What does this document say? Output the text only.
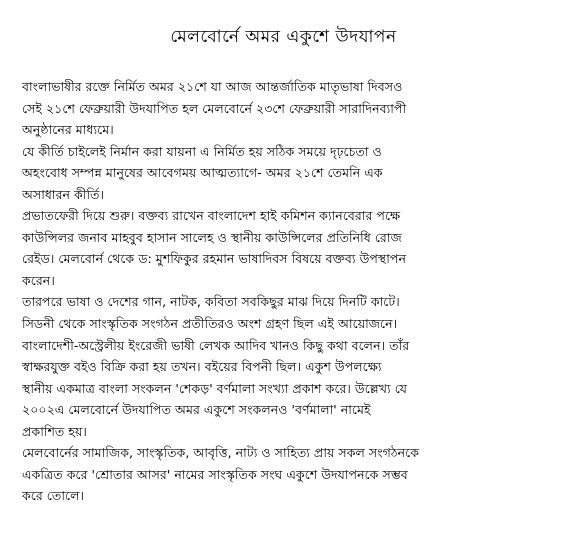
মেলবোর্নে অমর একুশে উদযাপন
বাংলাভাষীর রক্তে নির্মিত অমর ২১শে যা আজ আন্তর্জাতিক মাতৃভাষা দিবসও
সেই ২১শে ফেব্রুয়ারী উদযাপিত হল মেলবোর্নে ২৩শে ফেব্রুয়ারী সারাদিনব্যাপী
অনুষ্ঠানের মাধ্যমে।
যে কীর্তি চাইলেই নির্মান করা যায়না এ নির্মিত হয় সঠিক সময়ে দৃঢ়চেতা ও
অহংবোধ সম্পন্ন মানুষের আবেগময় আত্মত্যাগে- অমর ২১শে তেমনি এক
অসাধারন কীর্তি।
প্রভাতফেরী দিয়ে শুরু। বক্তব্য রাখেন বাংলাদেশ হাই কমিশন ক্যানবেরার পক্ষে
কাউন্সিলর জনাব মাহবুব হাসান সালেহ ও স্থানীয় কাউন্সিলের প্রতিনিধি রোজ
রেইড। মেলবোর্ন থেকে ড: মুশফিকুর রহমান ভাষাদিবস বিষয়ে বক্তব্য উপস্থাপন
করেন।
তারপরে ভাষা ও দেশের গান, নাটক, কবিতা সবকিছুর মাঝ দিয়ে দিনটি কাটে।
সিডনী থেকে সাংস্কৃতিক সংগঠন প্রতীতিরও অংশ গ্রহণ ছিল এই আয়োজনে।
বাংলাদেশী-অস্ট্রেলীয় ইংরেজী ভাষী লেখক আদিব খানও কিছু কথা বলেন। তাঁর
স্বাক্ষরযুক্ত বইও বিক্রি করা হয় তখন। বইয়ের বিপনী ছিল। একুশ উপলক্ষ্যে
স্থানীয় একমাত্র বাংলা সংকলন 'শেকড়' বর্ণমালা সংখ্যা প্রকাশ করে। উল্লেখ্য যে
২০০২এ মেলবোর্নে উদযাপিত অমর একুশে সংকলনও 'বর্ণমালা' নামেই
প্রকাশিত হয়।
মেলবোর্নের সামাজিক, সাংস্কৃতিক, আবৃত্তি, নাট্য ও সাহিত্য প্রায় সকল সংগঠনকে
একত্রিত করে 'শ্রোতার আসর' নামের সাংস্কৃতিক সংঘ একুশে উদযাপনকে সম্ভব
করে তোলে।
